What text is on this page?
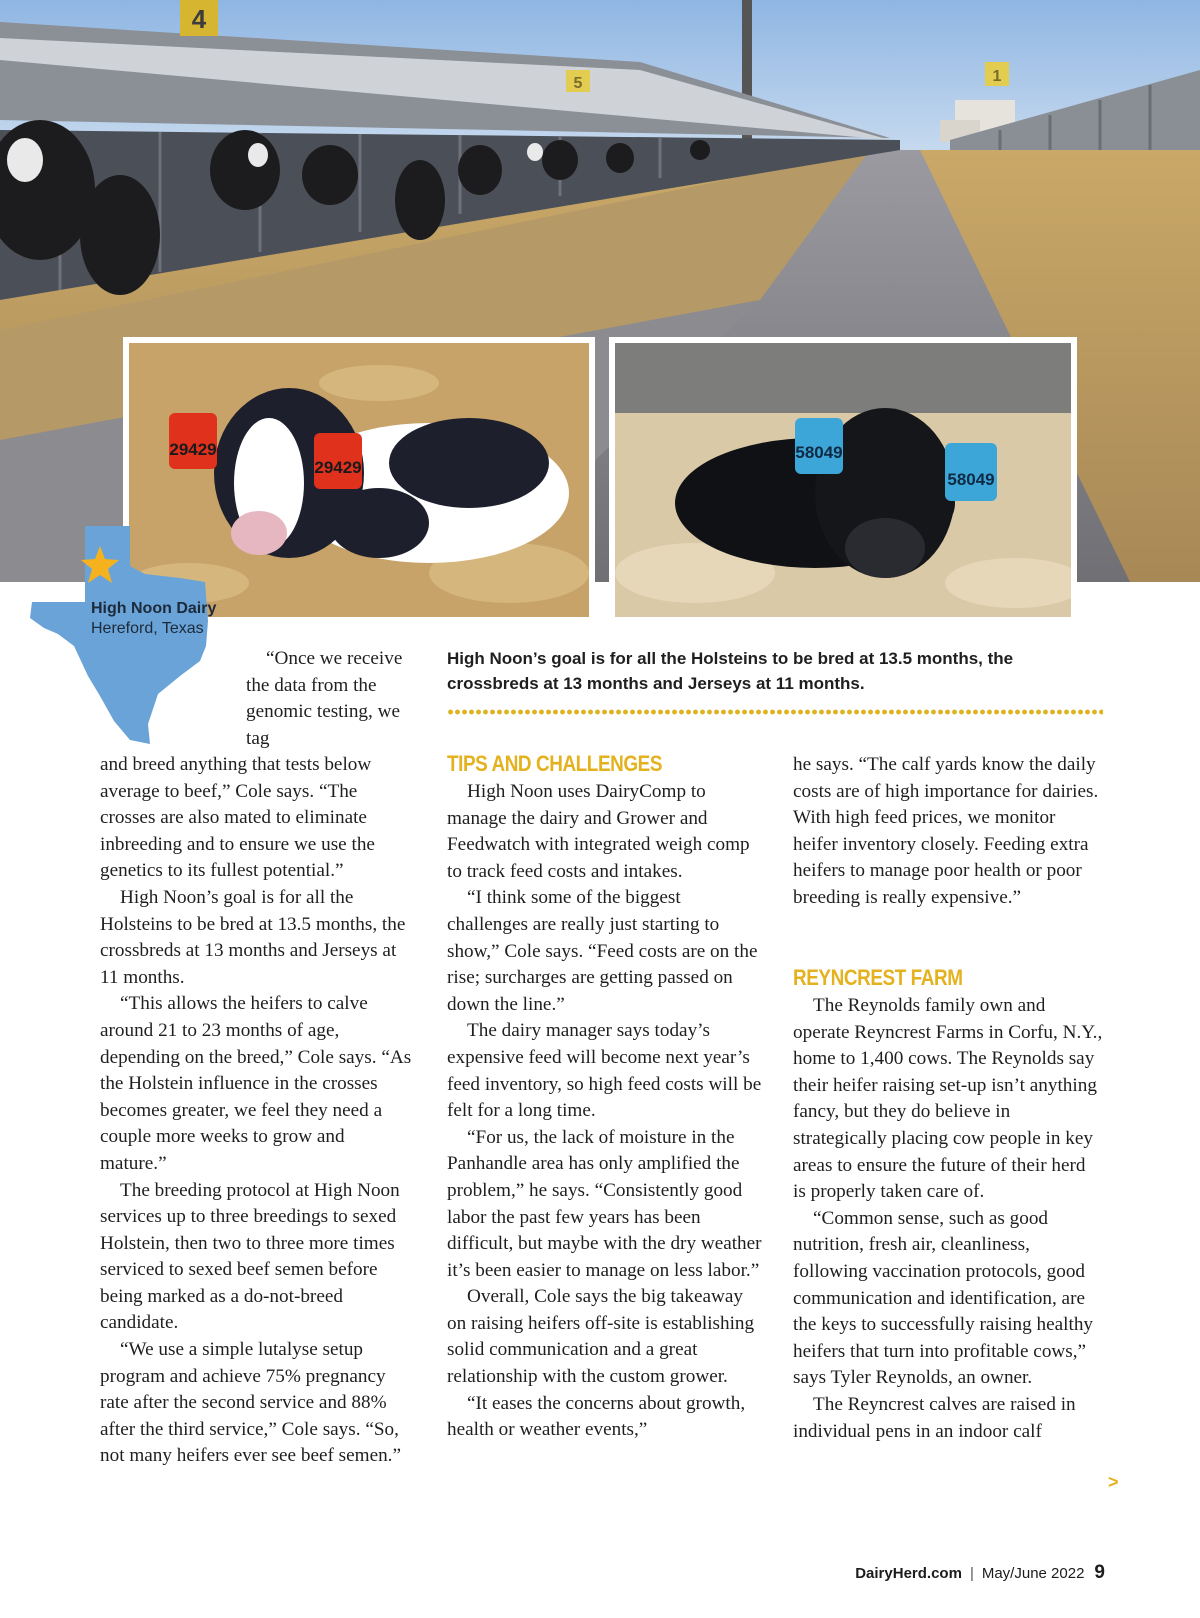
4
5	1
29429
29429
58049
58049
High Noon Dairy
Hereford, Texas
High Noon’s goal is for all the Holsteins to be bred at 13.5 months, the crossbreds at 13 months and Jerseys at 11 months.

“Once we receive the data from the genomic testing, we tag

and breed anything that tests below average to beef,” Cole says. “The crosses are also mated to eliminate inbreeding and to ensure we use the genetics to its fullest potential.”

High Noon’s goal is for all the Holsteins to be bred at 13.5 months, the crossbreds at 13 months and Jerseys at 11 months.

“This allows the heifers to calve around 21 to 23 months of age, depending on the breed,” Cole says. “As the Holstein influence in the crosses becomes greater, we feel they need a couple more weeks to grow and mature.”

The breeding protocol at High Noon services up to three breedings to sexed Holstein, then two to three more times serviced to sexed beef semen before being marked as a do-not-breed candidate.

“We use a simple lutalyse setup program and achieve 75% pregnancy rate after the second service and 88% after the third service,” Cole says. “So, not many heifers ever see beef semen.”

TIPS AND CHALLENGES

High Noon uses DairyComp to manage the dairy and Grower and Feedwatch with integrated weigh comp to track feed costs and intakes.

“I think some of the biggest challenges are really just starting to show,” Cole says. “Feed costs are on the rise; surcharges are getting passed on down the line.”

The dairy manager says today’s expensive feed will become next year’s feed inventory, so high feed costs will be felt for a long time.

“For us, the lack of moisture in the Panhandle area has only amplified the problem,” he says. “Consistently good labor the past few years has been difficult, but maybe with the dry weather it’s been easier to manage on less labor.”

Overall, Cole says the big takeaway on raising heifers off-site is establishing solid communication and a great relationship with the custom grower.

“It eases the concerns about growth, health or weather events,”

he says. “The calf yards know the daily costs are of high importance for dairies. With high feed prices, we monitor heifer inventory closely. Feeding extra heifers to manage poor health or poor breeding is really expensive.”

REYNCREST FARM

The Reynolds family own and operate Reyncrest Farms in Corfu, N.Y., home to 1,400 cows. The Reynolds say their heifer raising set-up isn’t anything fancy, but they do believe in strategically placing cow people in key areas to ensure the future of their herd is properly taken care of.

“Common sense, such as good nutrition, fresh air, cleanliness, following vaccination protocols, good communication and identification, are the keys to successfully raising healthy heifers that turn into profitable cows,” says Tyler Reynolds, an owner.

The Reyncrest calves are raised in individual pens in an indoor calf

>
DairyHerd.com | May/June 2022 9
